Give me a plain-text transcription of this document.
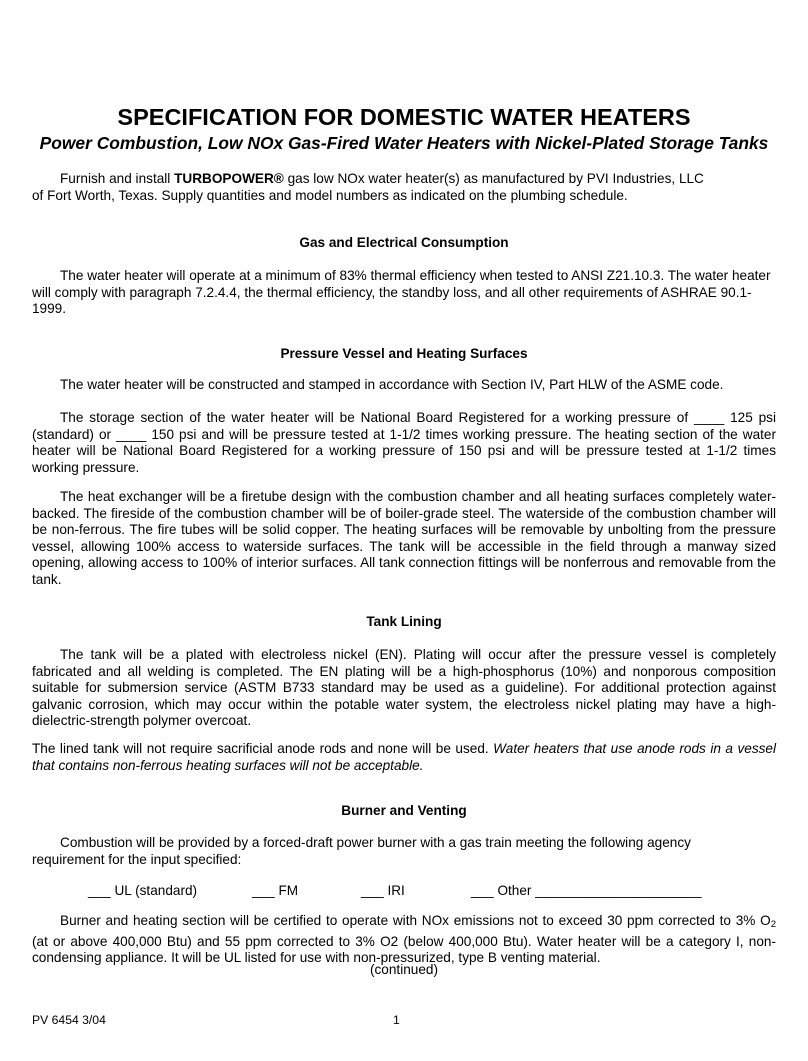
SPECIFICATION FOR DOMESTIC WATER HEATERS
Power Combustion, Low NOx Gas-Fired Water Heaters with Nickel-Plated Storage Tanks
Furnish and install TURBOPOWER® gas low NOx water heater(s) as manufactured by PVI Industries, LLC
of Fort Worth, Texas. Supply quantities and model numbers as indicated on the plumbing schedule.
Gas and Electrical Consumption

The water heater will operate at a minimum of 83% thermal efficiency when tested to ANSI Z21.10.3. The water heater will comply with paragraph 7.2.4.4, the thermal efficiency, the standby loss, and all other requirements of ASHRAE 90.1-1999.

Pressure Vessel and Heating Surfaces

The water heater will be constructed and stamped in accordance with Section IV, Part HLW of the ASME code.

The storage section of the water heater will be National Board Registered for a working pressure of ____ 125 psi (standard) or ____ 150 psi and will be pressure tested at 1-1/2 times working pressure. The heating section of the water heater will be National Board Registered for a working pressure of 150 psi and will be pressure tested at 1-1/2 times working pressure.

The heat exchanger will be a firetube design with the combustion chamber and all heating surfaces completely water-backed. The fireside of the combustion chamber will be of boiler-grade steel. The waterside of the combustion chamber will be non-ferrous. The fire tubes will be solid copper. The heating surfaces will be removable by unbolting from the pressure vessel, allowing 100% access to waterside surfaces. The tank will be accessible in the field through a manway sized opening, allowing access to 100% of interior surfaces. All tank connection fittings will be nonferrous and removable from the tank.

Tank Lining

The tank will be a plated with electroless nickel (EN). Plating will occur after the pressure vessel is completely fabricated and all welding is completed. The EN plating will be a high-phosphorus (10%) and nonporous composition suitable for submersion service (ASTM B733 standard may be used as a guideline). For additional protection against galvanic corrosion, which may occur within the potable water system, the electroless nickel plating may have a high-dielectric-strength polymer overcoat.

The lined tank will not require sacrificial anode rods and none will be used. Water heaters that use anode rods in a vessel that contains non-ferrous heating surfaces will not be acceptable.

Burner and Venting

Combustion will be provided by a forced-draft power burner with a gas train meeting the following agency requirement for the input specified:

___ UL (standard)	___ FM	___ IRI	___ Other ______________________

Burner and heating section will be certified to operate with NOx emissions not to exceed 30 ppm corrected to 3% $O_2$ (at or above 400,000 Btu) and 55 ppm corrected to 3% O2 (below 400,000 Btu). Water heater will be a category I, non-condensing appliance. It will be UL listed for use with non-pressurized, type B venting material.

(continued)
PV 6454 3/04	1
